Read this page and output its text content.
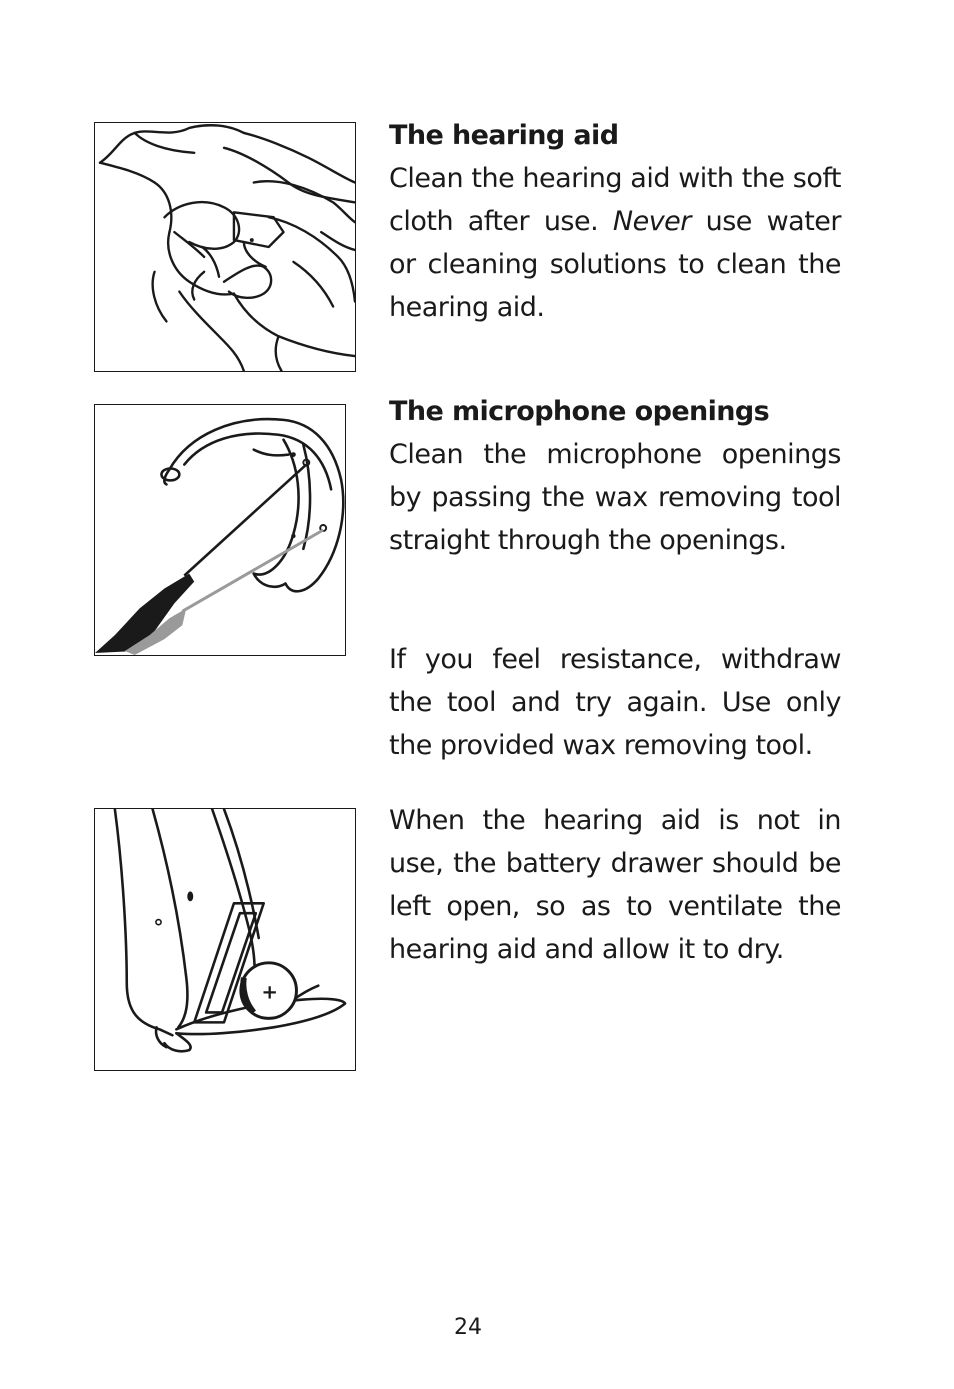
The hearing aid

Clean the hearing aid with the soft cloth after use. Never use water or cleaning solutions to clean the hearing aid.

The microphone openings

Clean the microphone openings by passing the wax removing tool straight through the openings.

If you feel resistance, withdraw the tool and try again. Use only the provided wax removing tool.

+

When the hearing aid is not in use, the battery drawer should be left open, so as to ventilate the hearing aid and allow it to dry.

24
